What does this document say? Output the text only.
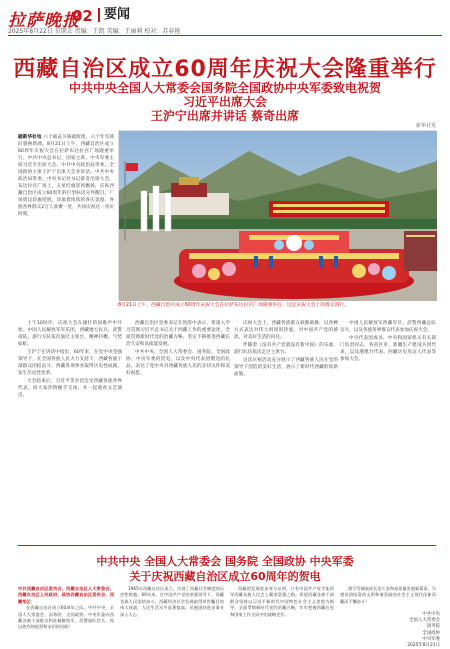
拉萨晚报
02 要闻
2025年8月22日 星期五 责编：王凯 美编：王丽莉 校对：苏春艳
西藏自治区成立60周年庆祝大会隆重举行
中共中央全国人大常委会国务院全国政协中央军委致电祝贺
习近平出席大会
王沪宁出席并讲话 蔡奇出席
新华社发
据新华社电 六十载奋斗铸就辉煌，六十年雪域旧貌换新颜。8月21日上午，西藏自治区成立60周年庆祝大会在拉萨布达拉宫广场隆重举行。中共中央总书记、国家主席、中央军委主席习近平出席大会。中共中央政治局常委、全国政协主席王沪宁出席大会并讲话。中共中央政治局常委、中央书记处书记蔡奇出席大会。布达拉宫广场上，五星红旗迎风飘扬，庆祝西藏自治区成立60周年的巨型标语分外醒目，广场周边彩旗招展，洋溢着浓浓的喜庆氛围。各族各界群众2万人欢聚一堂，共同庆祝这一喜庆时刻。
8月21日上午，西藏自治区成立60周年庆祝大会在拉萨布达拉宫广场隆重举行。这是庆祝大会上的群众游行。

上午10时许，庆祝大会在雄壮的国歌声中开始。中国人民解放军军乐团、西藏地方民兵、武警部队、游行方队依次通过主席台，精神抖擞、气势如虹。

王沪宁在讲话中指出，60年来，在党中央坚强领导下，在全国各族人民大力支持下，西藏各族干部群众团结奋斗，西藏各项事业取得历史性成就、发生历史性变革。

大会结束后，习近平等亲切会见西藏各族各界代表，同大家热情握手交谈，并一起观看文艺演出。

西藏自治区党委书记在致辞中表示，将深入学习贯彻习近平总书记关于西藏工作的重要论述，全面贯彻新时代党的治藏方略，坚定不移推进西藏长治久安和高质量发展。

中共中央、全国人大常委会、国务院、全国政协、中央军委的贺电，以及中央代表团赠送的礼品，表达了党中央对西藏各族人民的亲切关怀和美好祝愿。

庆祝大会上，西藏各族群众载歌载舞，以各种方式表达对伟大祖国的热爱、对中国共产党的感恩、对美好生活的向往。

伴随着《没有共产党就没有新中国》的乐曲，游行队伍依次走过主席台。

这次庆祝活动充分展示了西藏各族人民在党的领导下创造的美好生活，展示了新时代西藏的崭新面貌。

中国人民解放军西藏军区、武警西藏总队官兵，以及各族各界群众代表参加庆祝大会。

中央代表团成员、中央和国家机关有关部门负责同志，各省区市、新疆生产建设兵团代表，以及港澳台代表、西藏历史见证人代表等参加大会。

中共中央 全国人大常委会 国务院 全国政协 中央军委
关于庆祝西藏自治区成立60周年的贺电

中共西藏自治区委员会、西藏自治区人大常委会、西藏自治区人民政府、政协西藏自治区委员会、西藏军区：

在西藏自治区成立60周年之际，中共中央、全国人大常委会、国务院、全国政协、中央军委向西藏各族干部群众和驻藏解放军、武警部队官兵，致以热烈的祝贺和亲切的问候！

1965年西藏自治区成立，实现了西藏社会制度的历史性跨越。60年来，在中国共产党的坚强领导下，西藏各族人民团结奋斗，西藏经济社会发展取得举世瞩目的伟大成就，人民生活水平显著提高，民族团结进步事业深入人心。

西藏的发展进步充分证明，只有中国共产党才能领导西藏各族人民走上繁荣富强之路。希望西藏各族干部群众坚持以习近平新时代中国特色社会主义思想为指导，全面贯彻新时代党的治藏方略，牢牢把握西藏在党和国家工作全局中的战略定位。

谱写雪域高原长治久安和高质量发展新篇章，为建设团结富裕文明和谐美丽的社会主义现代化新西藏而不懈奋斗！

中共中央
全国人大常委会
国务院
全国政协
中央军委
2025年8月21日
